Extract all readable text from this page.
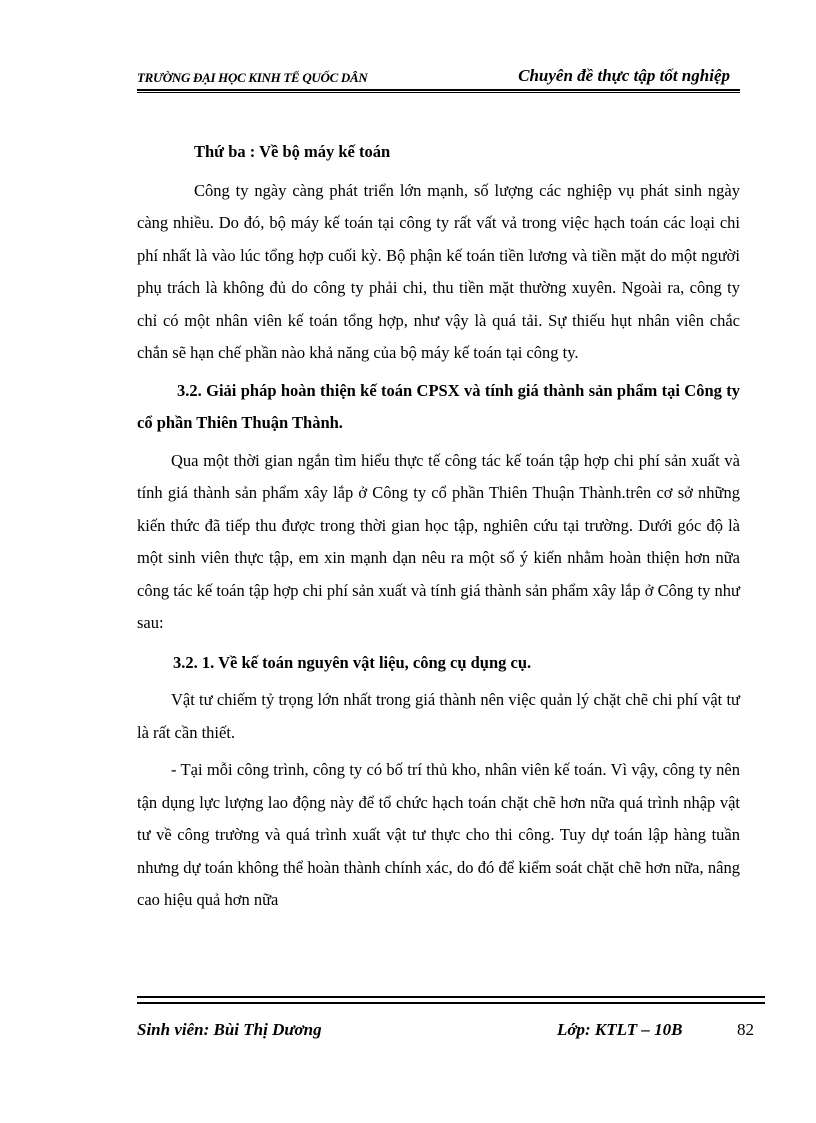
TRƯỜNG ĐẠI HỌC KINH TẾ QUỐC DÂN	Chuyên đề thực tập tốt nghiệp

Thứ ba : Về bộ máy kế toán

Công ty ngày càng phát triển lớn mạnh, số lượng các nghiệp vụ phát sinh ngày càng nhiều. Do đó, bộ máy kế toán tại công ty rất vất vả trong việc hạch toán các loại chi phí nhất là vào lúc tổng hợp cuối kỳ. Bộ phận kế toán tiền lương và tiền mặt do một người phụ trách là không đủ do công ty phải chi, thu tiền mặt thường xuyên. Ngoài ra, công ty chỉ có một nhân viên kế toán tổng hợp, như vậy là quá tải. Sự thiếu hụt nhân viên chắc chắn sẽ hạn chế phần nào khả năng của bộ máy kế toán tại công ty.

3.2. Giải pháp hoàn thiện kế toán CPSX và tính giá thành sản phẩm tại Công ty cổ phần Thiên Thuận Thành.

Qua một thời gian ngắn tìm hiểu thực tế công tác kế toán tập hợp chi phí sản xuất và tính giá thành sản phẩm xây lắp ở Công ty cổ phần Thiên Thuận Thành.trên cơ sở những kiến thức đã tiếp thu được trong thời gian học tập, nghiên cứu tại trường. Dưới góc độ là một sinh viên thực tập, em xin mạnh dạn nêu ra một số ý kiến nhằm hoàn thiện hơn nữa công tác kế toán tập hợp chi phí sản xuất và tính giá thành sản phẩm xây lắp ở Công ty như sau:

3.2. 1. Về kế toán nguyên vật liệu, công cụ dụng cụ.

Vật tư chiếm tỷ trọng lớn nhất trong giá thành nên việc quản lý chặt chẽ chi phí vật tư là rất cần thiết.

- Tại mỗi công trình, công ty có bố trí thủ kho, nhân viên kế toán. Vì vậy, công ty nên tận dụng lực lượng lao động này để tổ chức hạch toán chặt chẽ hơn nữa quá trình nhập vật tư về công trường và quá trình xuất vật tư thực cho thi công. Tuy dự toán lập hàng tuần nhưng dự toán không thể hoàn thành chính xác, do đó để kiểm soát chặt chẽ hơn nữa, nâng cao hiệu quả hơn nữa

Sinh viên: Bùi Thị Dương	Lớp: KTLT – 10B	82
